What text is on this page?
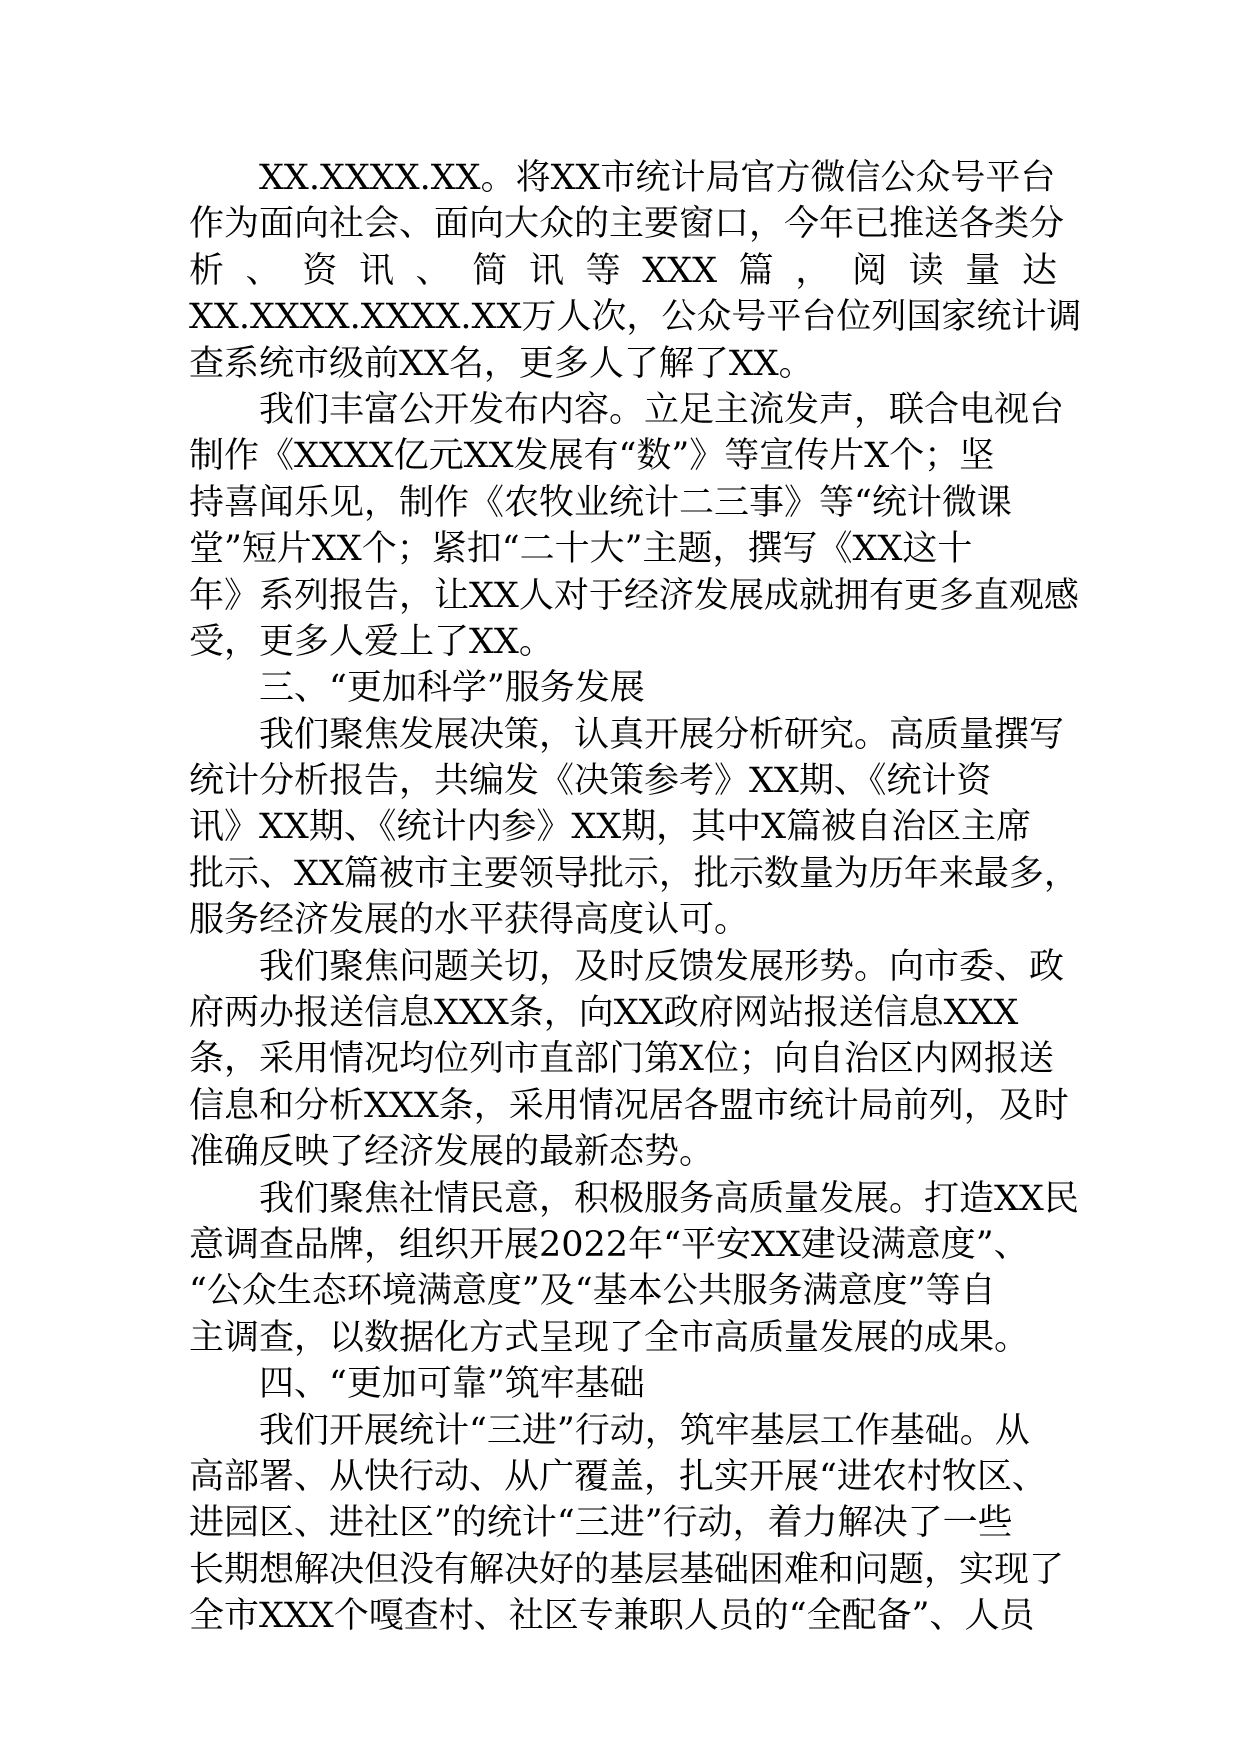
XX.XXXX.XX。将XX市统计局官方微信公众号平台
作为面向社会、面向大众的主要窗口，今年已推送各类分
析 、 资 讯 、 简 讯 等 XXX 篇 ， 阅 读 量 达
XX.XXXX.XXXX.XX万人次，公众号平台位列国家统计调
查系统市级前XX名，更多人了解了XX。
我们丰富公开发布内容。立足主流发声，联合电视台
制作《XXXX亿元XX发展有“数”》等宣传片X个；坚
持喜闻乐见，制作《农牧业统计二三事》等“统计微课
堂”短片XX个；紧扣“二十大”主题，撰写《XX这十
年》系列报告，让XX人对于经济发展成就拥有更多直观感
受，更多人爱上了XX。
三、“更加科学”服务发展
我们聚焦发展决策，认真开展分析研究。高质量撰写
统计分析报告，共编发《决策参考》XX期、《统计资
讯》XX期、《统计内参》XX期，其中X篇被自治区主席
批示、XX篇被市主要领导批示，批示数量为历年来最多，
服务经济发展的水平获得高度认可。
我们聚焦问题关切，及时反馈发展形势。向市委、政
府两办报送信息XXX条，向XX政府网站报送信息XXX
条，采用情况均位列市直部门第X位；向自治区内网报送
信息和分析XXX条，采用情况居各盟市统计局前列，及时
准确反映了经济发展的最新态势。
我们聚焦社情民意，积极服务高质量发展。打造XX民
意调查品牌，组织开展2022年“平安XX建设满意度”、
“公众生态环境满意度”及“基本公共服务满意度”等自
主调查，以数据化方式呈现了全市高质量发展的成果。
四、“更加可靠”筑牢基础
我们开展统计“三进”行动，筑牢基层工作基础。从
高部署、从快行动、从广覆盖，扎实开展“进农村牧区、
进园区、进社区”的统计“三进”行动，着力解决了一些
长期想解决但没有解决好的基层基础困难和问题，实现了
全市XXX个嘎查村、社区专兼职人员的“全配备”、人员
